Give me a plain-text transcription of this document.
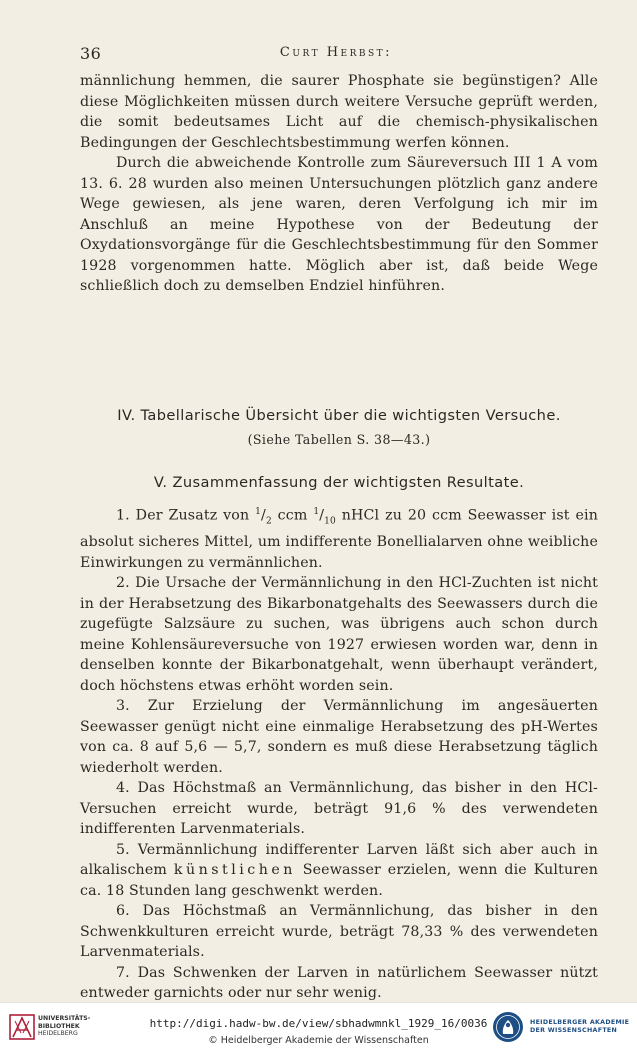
36	Curt Herbst:

männlichung hemmen, die saurer Phosphate sie begünstigen? Alle diese Möglichkeiten müssen durch weitere Versuche geprüft werden, die somit bedeutsames Licht auf die chemisch-physikalischen Bedingungen der Geschlechtsbestimmung werfen können.

Durch die abweichende Kontrolle zum Säureversuch III 1 A vom 13. 6. 28 wurden also meinen Untersuchungen plötzlich ganz andere Wege gewiesen, als jene waren, deren Verfolgung ich mir im Anschluß an meine Hypothese von der Bedeutung der Oxydationsvorgänge für die Geschlechtsbestimmung für den Sommer 1928 vorgenommen hatte. Möglich aber ist, daß beide Wege schließlich doch zu demselben Endziel hinführen.

IV. Tabellarische Übersicht über die wichtigsten Versuche.

(Siehe Tabellen S. 38—43.)

V. Zusammenfassung der wichtigsten Resultate.

1. Der Zusatz von $^1/_2$ ccm $^1/_{10}$ nHCl zu 20 ccm Seewasser ist ein absolut sicheres Mittel, um indifferente Bonellialarven ohne weibliche Einwirkungen zu vermännlichen.

2. Die Ursache der Vermännlichung in den HCl-Zuchten ist nicht in der Herabsetzung des Bikarbonatgehalts des Seewassers durch die zugefügte Salzsäure zu suchen, was übrigens auch schon durch meine Kohlensäureversuche von 1927 erwiesen worden war, denn in denselben konnte der Bikarbonatgehalt, wenn überhaupt verändert, doch höchstens etwas erhöht worden sein.

3. Zur Erzielung der Vermännlichung im angesäuerten Seewasser genügt nicht eine einmalige Herabsetzung des pH-Wertes von ca. 8 auf 5,6 — 5,7, sondern es muß diese Herabsetzung täglich wiederholt werden.

4. Das Höchstmaß an Vermännlichung, das bisher in den HCl-Versuchen erreicht wurde, beträgt 91,6 % des verwendeten indifferenten Larvenmaterials.

5. Vermännlichung indifferenter Larven läßt sich aber auch in alkalischem künstlichen Seewasser erzielen, wenn die Kulturen ca. 18 Stunden lang geschwenkt werden.

6. Das Höchstmaß an Vermännlichung, das bisher in den Schwenkkulturen erreicht wurde, beträgt 78,33 % des verwendeten Larvenmaterials.

7. Das Schwenken der Larven in natürlichem Seewasser nützt entweder garnichts oder nur sehr wenig.

UNIVERSITÄTS-
BIBLIOTHEK
HEIDELBERG
http://digi.hadw-bw.de/view/sbhadwmnkl_1929_16/0036
© Heidelberger Akademie der Wissenschaften
HEIDELBERGER AKADEMIE
DER WISSENSCHAFTEN
